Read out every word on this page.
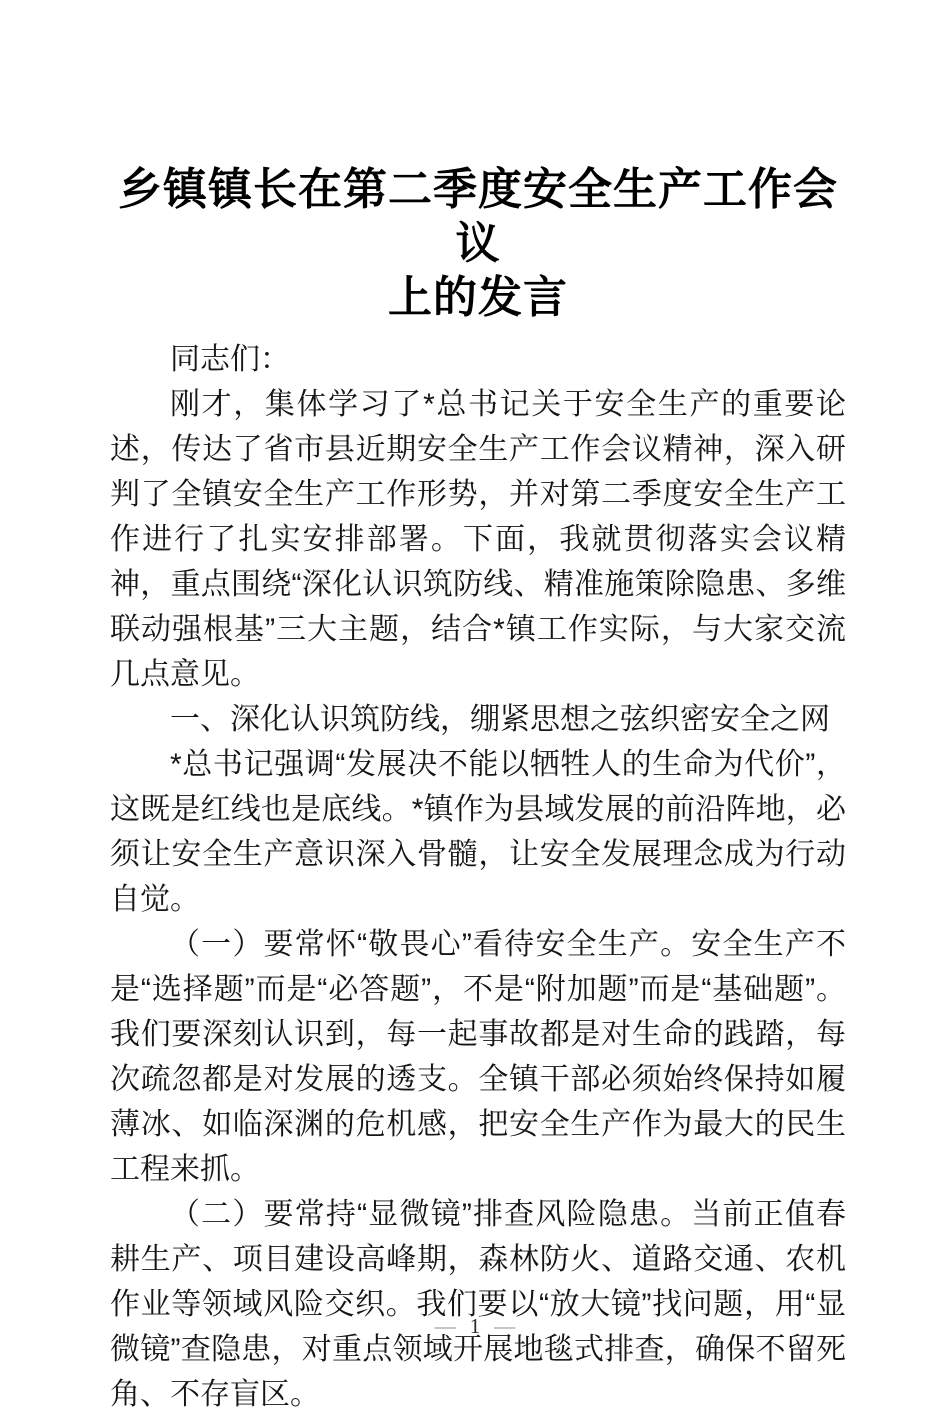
乡镇镇长在第二季度安全生产工作会议
上的发言

同志们：

刚才，集体学习了*总书记关于安全生产的重要论述，传达了省市县近期安全生产工作会议精神，深入研判了全镇安全生产工作形势，并对第二季度安全生产工作进行了扎实安排部署。下面，我就贯彻落实会议精神，重点围绕“深化认识筑防线、精准施策除隐患、多维联动强根基”三大主题，结合*镇工作实际，与大家交流几点意见。

一、深化认识筑防线，绷紧思想之弦织密安全之网

*总书记强调“发展决不能以牺牲人的生命为代价”，这既是红线也是底线。*镇作为县域发展的前沿阵地，必须让安全生产意识深入骨髓，让安全发展理念成为行动自觉。

（一）要常怀“敬畏心”看待安全生产。安全生产不是“选择题”而是“必答题”，不是“附加题”而是“基础题”。我们要深刻认识到，每一起事故都是对生命的践踏，每次疏忽都是对发展的透支。全镇干部必须始终保持如履薄冰、如临深渊的危机感，把安全生产作为最大的民生工程来抓。

（二）要常持“显微镜”排查风险隐患。当前正值春耕生产、项目建设高峰期，森林防火、道路交通、农机作业等领域风险交织。我们要以“放大镜”找问题，用“显微镜”查隐患，对重点领域开展地毯式排查，确保不留死角、不存盲区。

— 1 —
